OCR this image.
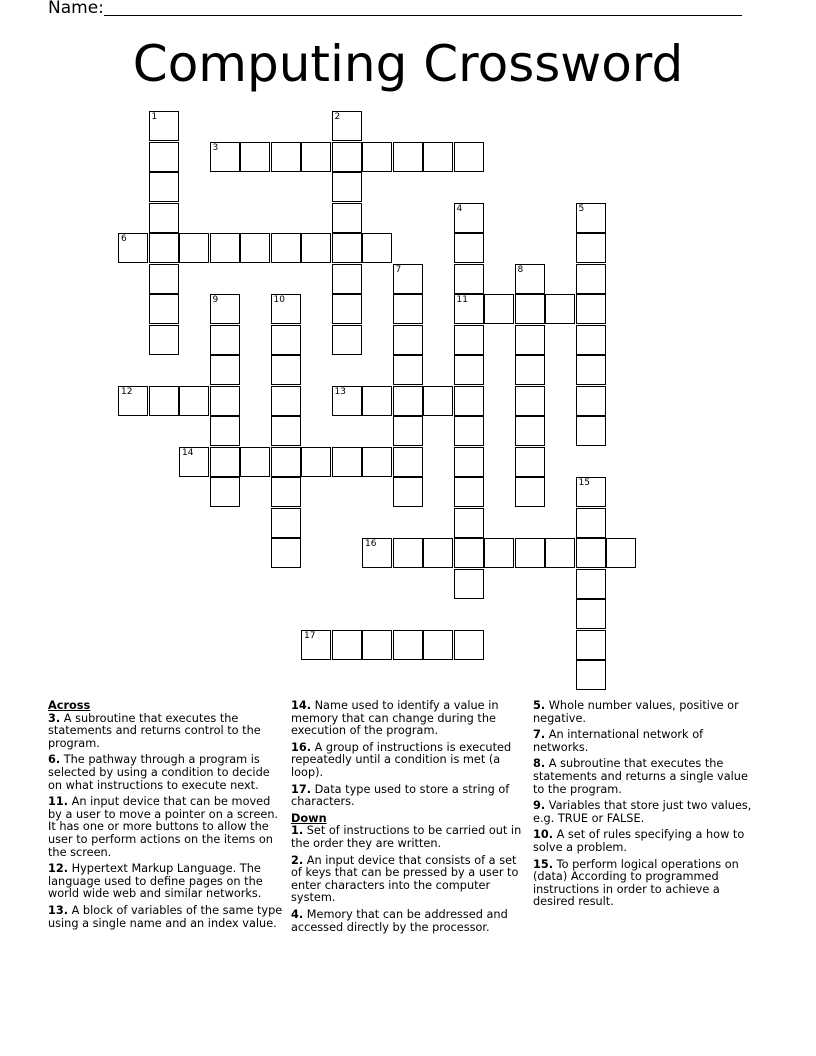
Name:
Computing Crossword
1	2
3
4
11
5
6
7	8
9	10
12	13
14
15
16
17
Across
3. A subroutine that executes the statements and returns control to the program.
6. The pathway through a program is selected by using a condition to decide on what instructions to execute next.
11. An input device that can be moved by a user to move a pointer on a screen. It has one or more buttons to allow the user to perform actions on the items on the screen.
12. Hypertext Markup Language. The language used to define pages on the world wide web and similar networks.
13. A block of variables of the same type using a single name and an index value.
14. Name used to identify a value in memory that can change during the execution of the program.
16. A group of instructions is executed repeatedly until a condition is met (a loop).
17. Data type used to store a string of characters.
Down
1. Set of instructions to be carried out in the order they are written.
2. An input device that consists of a set of keys that can be pressed by a user to enter characters into the computer system.
4. Memory that can be addressed and accessed directly by the processor.
5. Whole number values, positive or negative.
7. An international network of networks.
8. A subroutine that executes the statements and returns a single value to the program.
9. Variables that store just two values, e.g. TRUE or FALSE.
10. A set of rules specifying a how to solve a problem.
15. To perform logical operations on (data) According to programmed instructions in order to achieve a desired result.
